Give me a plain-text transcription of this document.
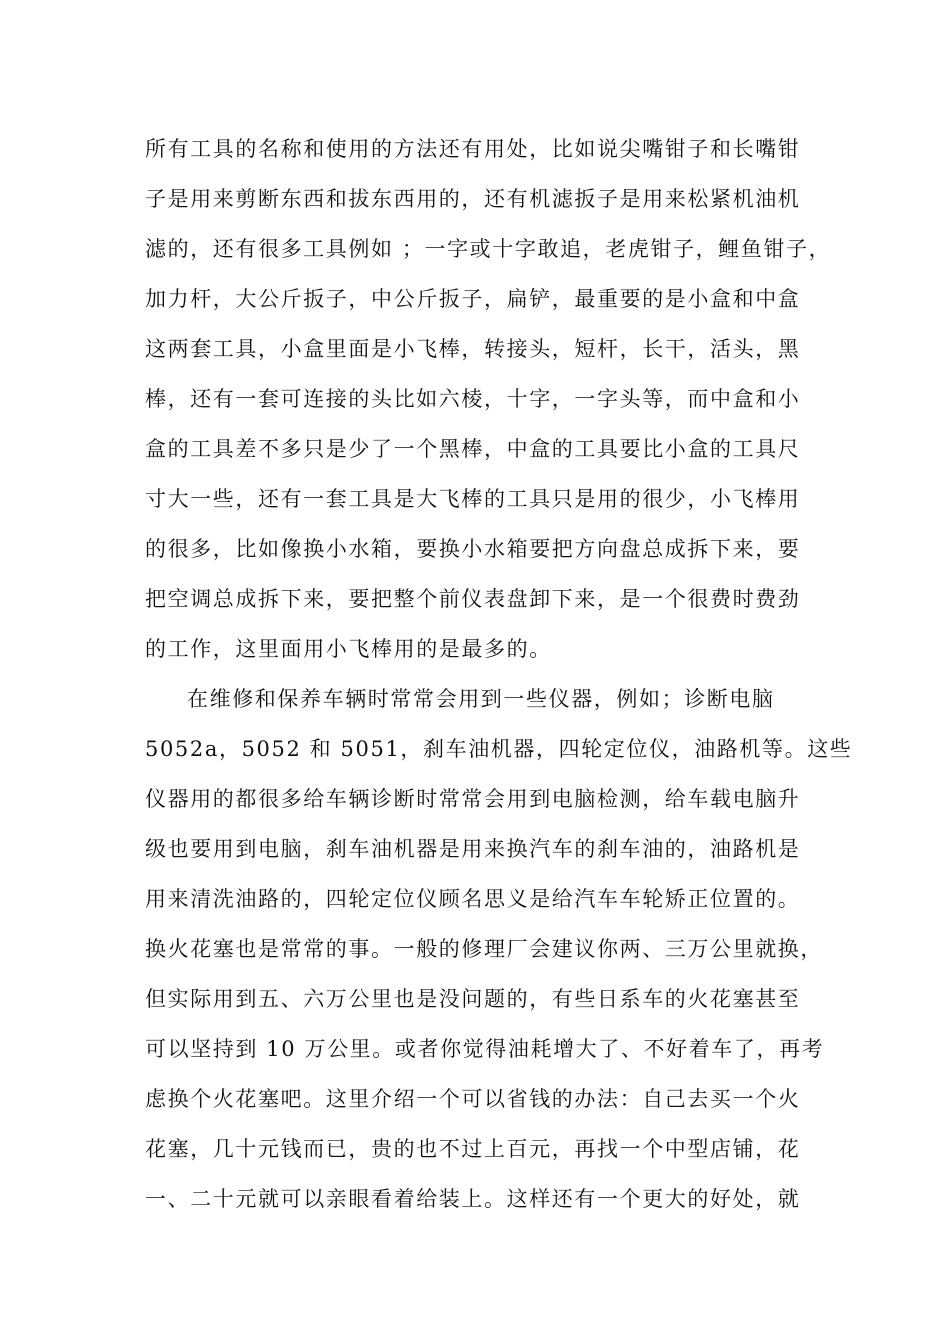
所有工具的名称和使用的方法还有用处，比如说尖嘴钳子和长嘴钳

子是用来剪断东西和拔东西用的，还有机滤扳子是用来松紧机油机

滤的，还有很多工具例如 ；一字或十字敢追，老虎钳子，鲤鱼钳子，

加力杆，大公斤扳子，中公斤扳子，扁铲，最重要的是小盒和中盒

这两套工具，小盒里面是小飞棒，转接头，短杆，长干，活头，黑

棒，还有一套可连接的头比如六棱，十字，一字头等，而中盒和小

盒的工具差不多只是少了一个黑棒，中盒的工具要比小盒的工具尺

寸大一些，还有一套工具是大飞棒的工具只是用的很少，小飞棒用

的很多，比如像换小水箱，要换小水箱要把方向盘总成拆下来，要

把空调总成拆下来，要把整个前仪表盘卸下来，是一个很费时费劲

的工作，这里面用小飞棒用的是最多的。

在维修和保养车辆时常常会用到一些仪器，例如；诊断电脑

5052a，5052 和 5051，刹车油机器，四轮定位仪，油路机等。这些

仪器用的都很多给车辆诊断时常常会用到电脑检测，给车载电脑升

级也要用到电脑，刹车油机器是用来换汽车的刹车油的，油路机是

用来清洗油路的，四轮定位仪顾名思义是给汽车车轮矫正位置的。

换火花塞也是常常的事。一般的修理厂会建议你两、三万公里就换，

但实际用到五、六万公里也是没问题的，有些日系车的火花塞甚至

可以坚持到 10 万公里。或者你觉得油耗增大了、不好着车了，再考

虑换个火花塞吧。这里介绍一个可以省钱的办法：自己去买一个火

花塞，几十元钱而已，贵的也不过上百元，再找一个中型店铺，花

一、二十元就可以亲眼看着给装上。这样还有一个更大的好处，就
